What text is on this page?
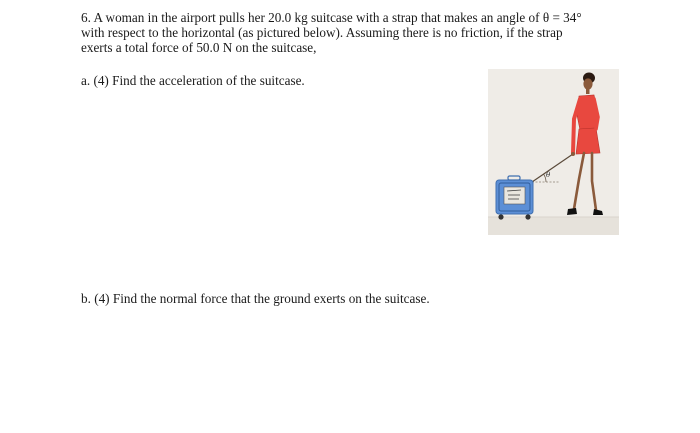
6. A woman in the airport pulls her 20.0 kg suitcase with a strap that makes an angle of θ = 34°
with respect to the horizontal (as pictured below). Assuming there is no friction, if the strap
exerts a total force of 50.0 N on the suitcase,
a. (4) Find the acceleration of the suitcase.
b. (4) Find the normal force that the ground exerts on the suitcase.
θ
